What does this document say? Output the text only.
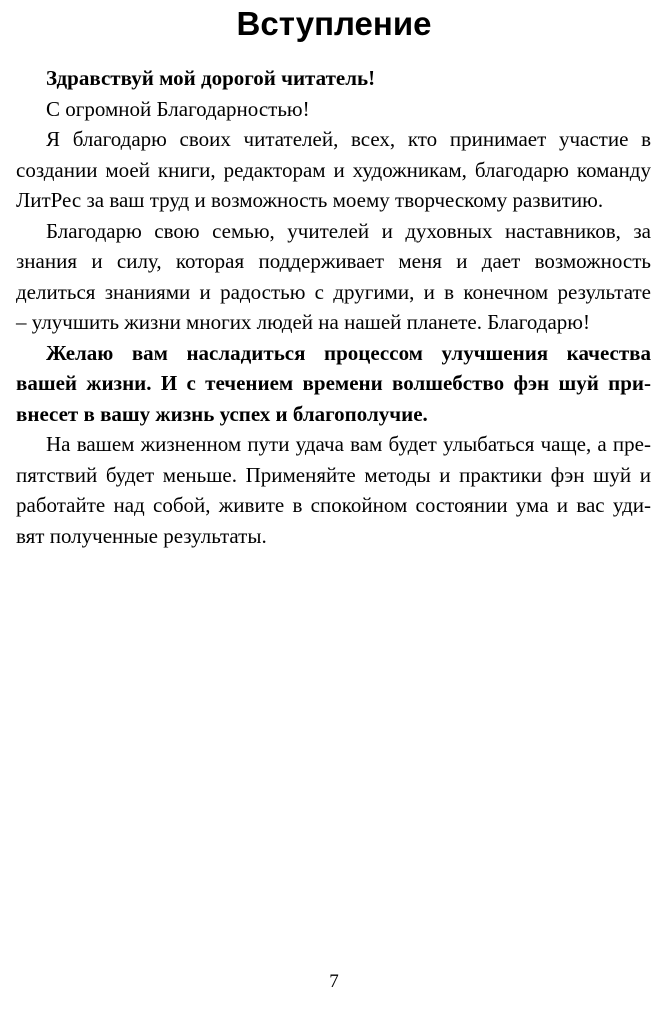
Вступление
Здравствуй мой дорогой читатель!
С огромной Благодарностью!
Я благодарю своих читателей, всех, кто принимает участие в
создании моей книги, редакторам и художникам, благодарю команду
ЛитРес за ваш труд и возможность моему творческому развитию.
Благодарю свою семью, учителей и духовных наставников, за
знания и силу, которая поддерживает меня и дает возможность
делиться знаниями и радостью с другими, и в конечном результате
– улучшить жизни многих людей на нашей планете. Благодарю!
Желаю вам насладиться процессом улучшения качества
вашей жизни. И с течением времени волшебство фэн шуй при-
внесет в вашу жизнь успех и благополучие.
На вашем жизненном пути удача вам будет улыбаться чаще, а пре-
пятствий будет меньше. Применяйте методы и практики фэн шуй и
работайте над собой, живите в спокойном состоянии ума и вас уди-
вят полученные результаты.
7
